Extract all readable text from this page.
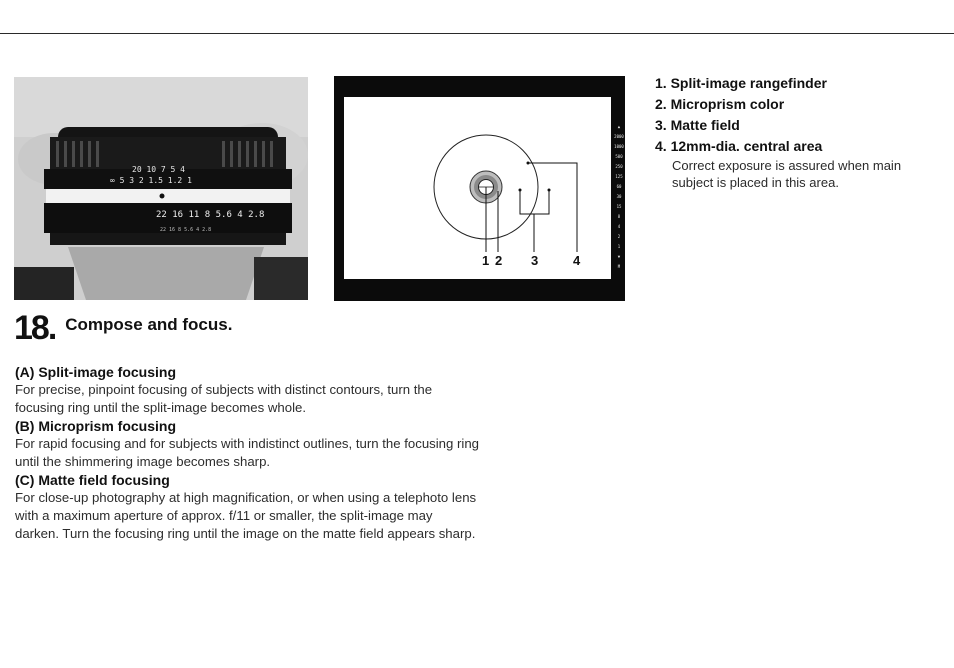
20 10 7 5 4
∞ 5 3 2 1.5 1.2 1
22 16 11 8 5.6 4 2.8
22 16 8 5.6 4 2.8
1 2 3	4
▲
2000
1000
500
250
125
60
30
15
8
4
2
1
▼
M
1. Split-image rangefinder
2. Microprism color
3. Matte field
4. 12mm-dia. central area
Correct exposure is assured when main subject is placed in this area.
18. Compose and focus.
(A) Split-image focusing

For precise, pinpoint focusing of subjects with distinct contours, turn the focusing ring until the split-image becomes whole.

(B) Microprism focusing

For rapid focusing and for subjects with indistinct outlines, turn the focusing ring until the shimmering image becomes sharp.

(C) Matte field focusing

For close-up photography at high magnification, or when using a telephoto lens with a maximum aperture of approx. f/11 or smaller, the split-image may darken. Turn the focusing ring until the image on the matte field appears sharp.
